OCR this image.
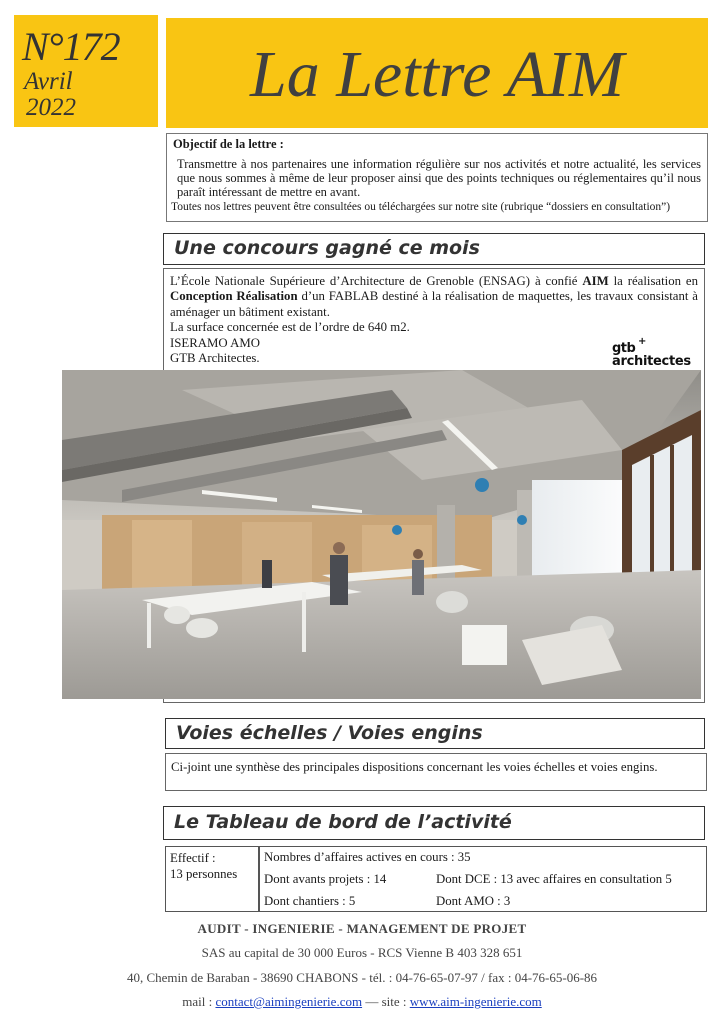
N°172
Avril
2022	La Lettre AIM
Objectif de la lettre :
Transmettre à nos partenaires une information régulière sur nos activités et notre actualité, les services que nous sommes à même de leur proposer ainsi que des points techniques ou réglementaires qu’il nous paraît intéressant de mettre en avant.
Toutes nos lettres peuvent être consultées ou téléchargées sur notre site (rubrique “dossiers en consultation”)
Une concours gagné ce mois

L’École Nationale Supérieure d’Architecture de Grenoble (ENSAG) à confié AIM la réalisation en Conception Réalisation d’un FABLAB destiné à la réalisation de maquettes, les travaux consistant à aménager un bâtiment existant.

La surface concernée est de l’ordre de 640 m2.

ISERAMO AMO

GTB Architectes.

gtb +
architectes
Voies échelles / Voies engins
Ci-joint une synthèse des principales dispositions concernant les voies échelles et voies engins.
Le Tableau de bord de l’activité
Effectif :
13 personnes
Nombres d’affaires actives en cours : 35
Dont avants projets : 14	Dont DCE : 13 avec affaires en consultation 5
Dont chantiers : 5	Dont AMO : 3
AUDIT - INGENIERIE - MANAGEMENT DE PROJET
SAS au capital de 30 000 Euros - RCS Vienne B 403 328 651
40, Chemin de Baraban - 38690 CHABONS - tél. : 04-76-65-07-97 / fax : 04-76-65-06-86
mail : contact@aimingenierie.com — site : www.aim-ingenierie.com
